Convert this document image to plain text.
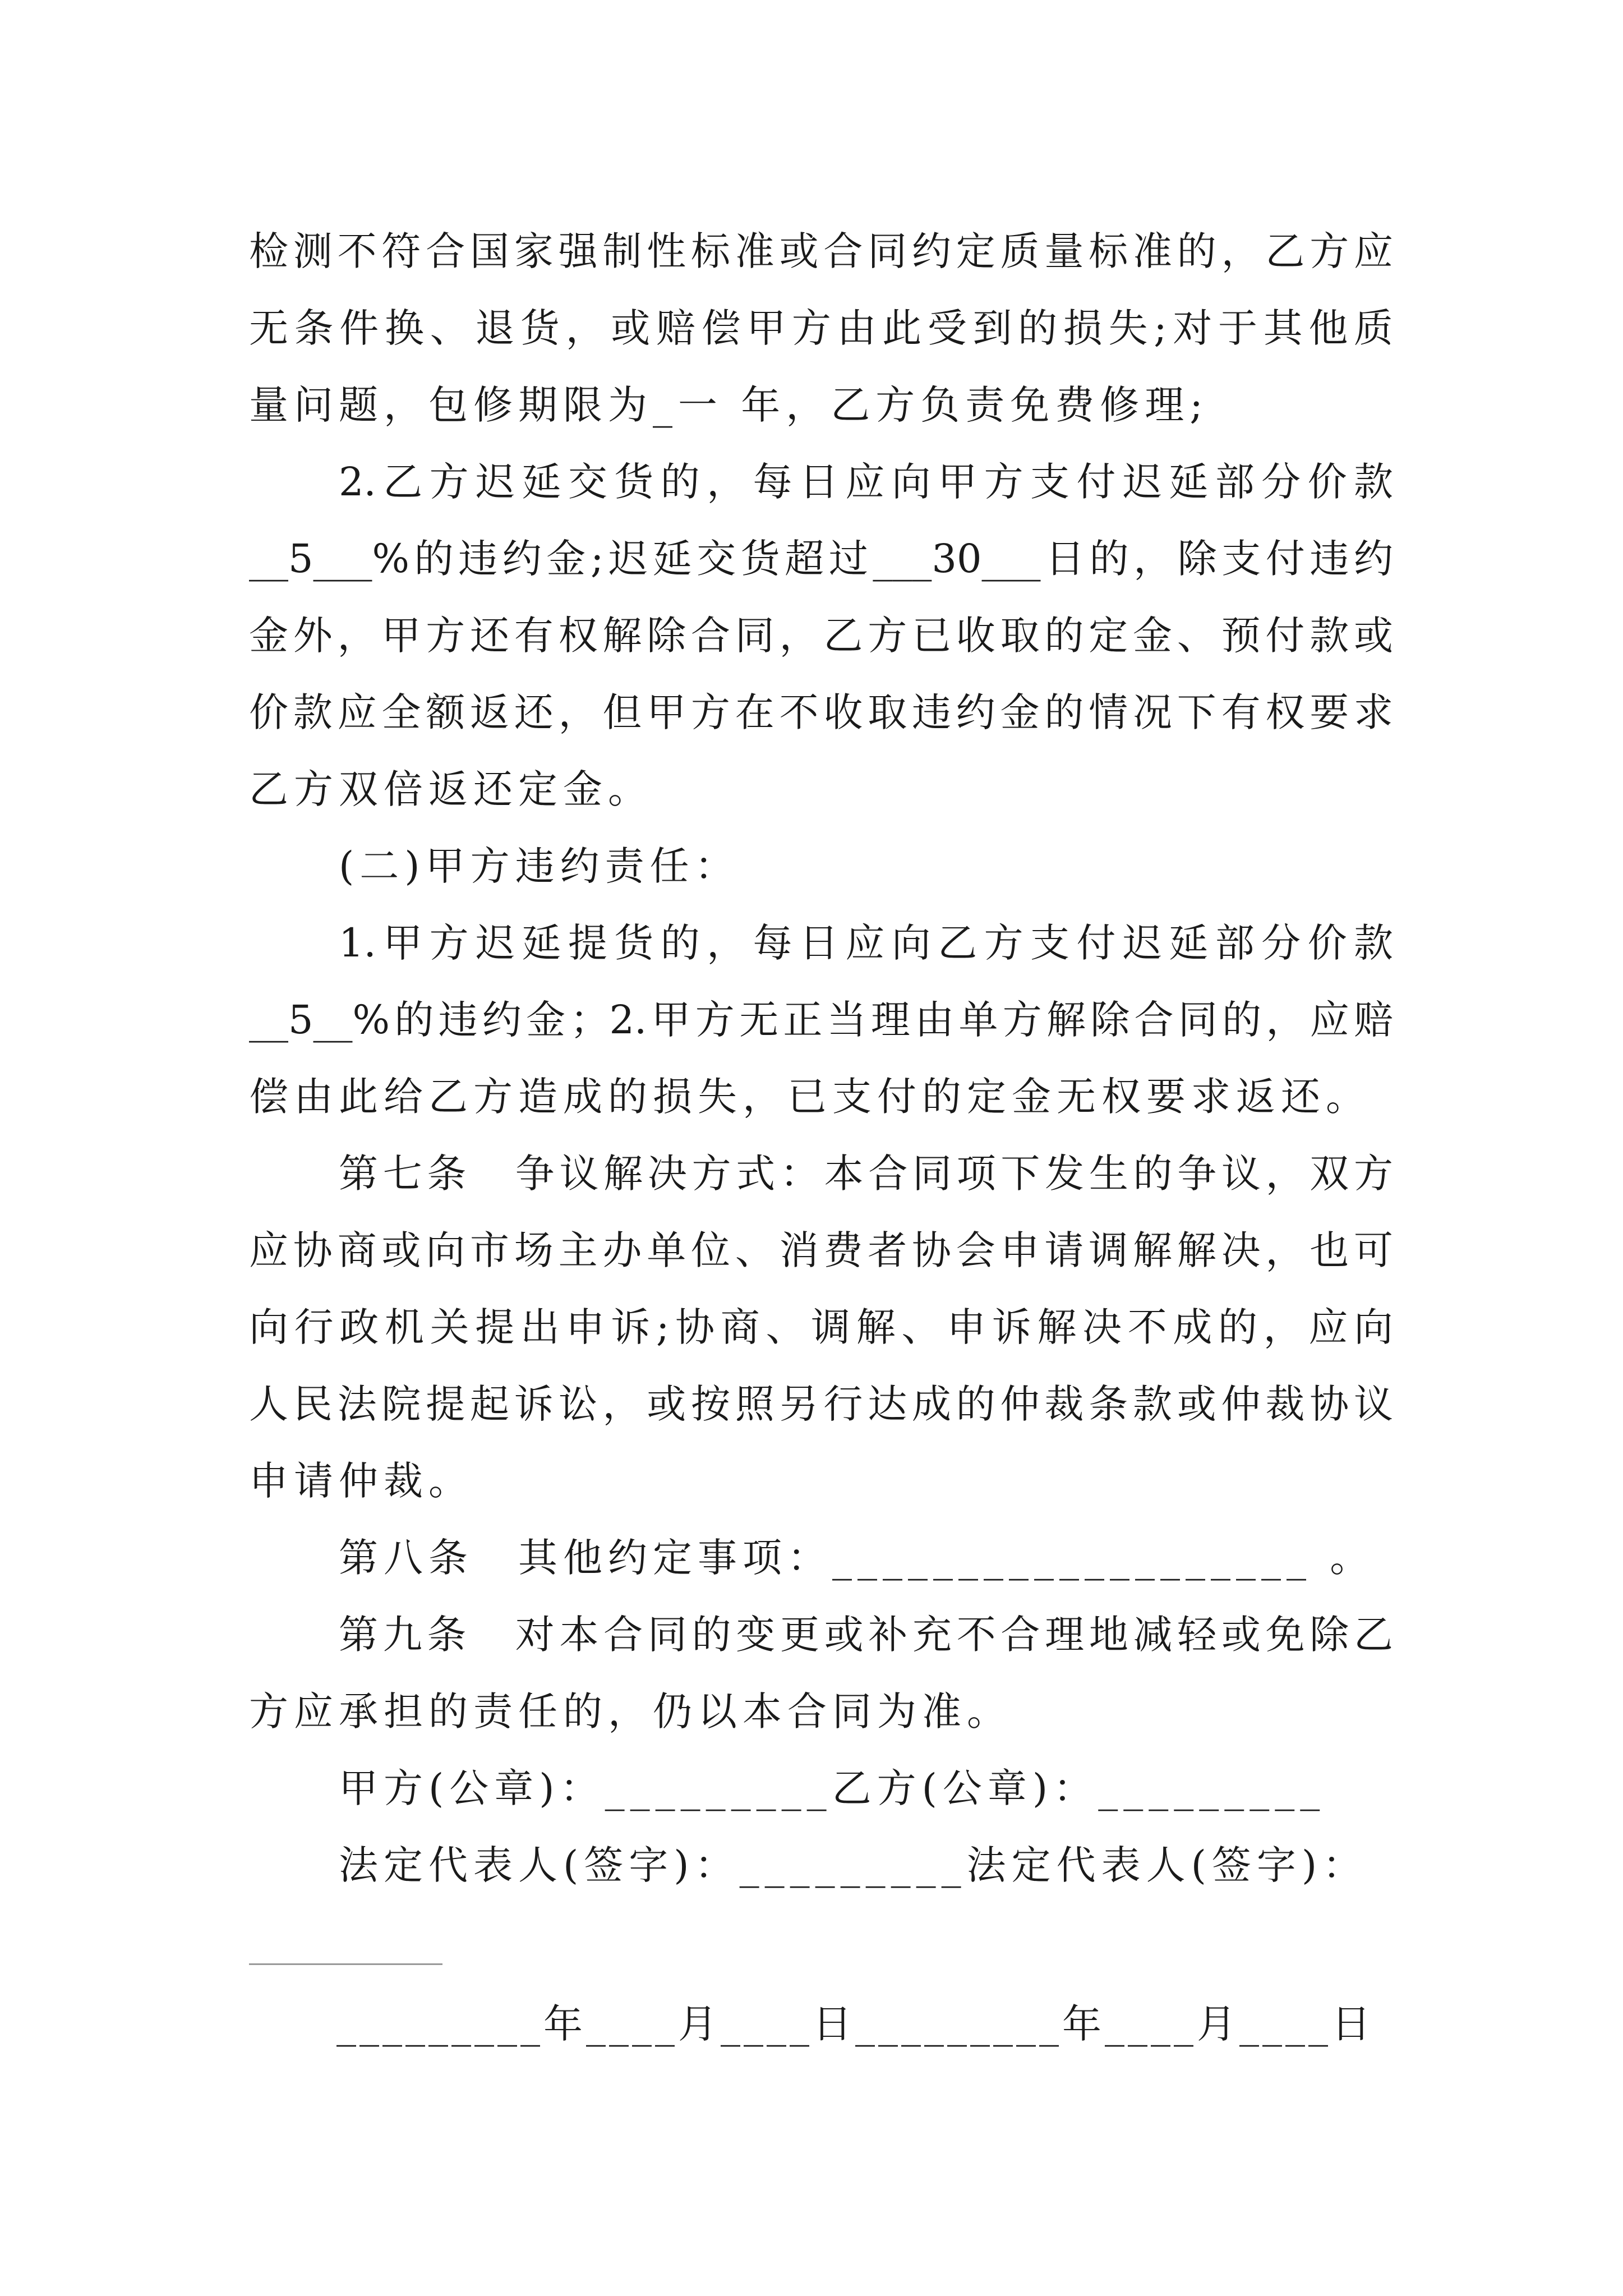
检测不符合国家强制性标准或合同约定质量标准的，乙方应
无条件换、退货，或赔偿甲方由此受到的损失;对于其他质
量问题，包修期限为_一 年，乙方负责免费修理;
2.乙方迟延交货的，每日应向甲方支付迟延部分价款
__5___%的违约金;迟延交货超过___30___日的，除支付违约
金外，甲方还有权解除合同，乙方已收取的定金、预付款或
价款应全额返还，但甲方在不收取违约金的情况下有权要求
乙方双倍返还定金。
(二)甲方违约责任：
1.甲方迟延提货的，每日应向乙方支付迟延部分价款
__5__%的违约金；2.甲方无正当理由单方解除合同的，应赔
偿由此给乙方造成的损失，已支付的定金无权要求返还。
第七条　争议解决方式：本合同项下发生的争议，双方
应协商或向市场主办单位、消费者协会申请调解解决，也可
向行政机关提出申诉;协商、调解、申诉解决不成的，应向
人民法院提起诉讼，或按照另行达成的仲裁条款或仲裁协议
申请仲裁。
第八条　其他约定事项：___________________ 。
第九条　对本合同的变更或补充不合理地减轻或免除乙
方应承担的责任的，仍以本合同为准。
甲方(公章)：_________乙方(公章)：_________
法定代表人(签字)：_________法定代表人(签字)：
_________年____月____日_________年____月____日
